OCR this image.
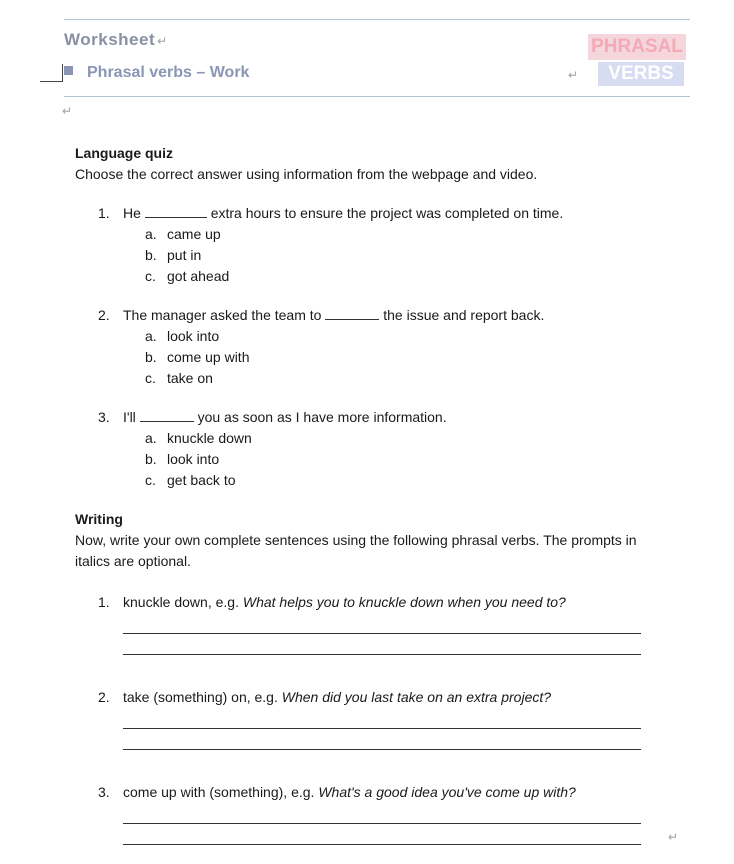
Worksheet ↵
Phrasal verbs – Work	↵
PHRASAL
VERBS
↵
Language quiz
Choose the correct answer using information from the webpage and video.
1. He	extra hours to ensure the project was completed on time.
a. came up
b. put in
c. got ahead
2. The manager asked the team to	the issue and report back.
a. look into
b. come up with
c. take on
3. I'll	you as soon as I have more information.
a. knuckle down
b. look into
c. get back to
Writing
Now, write your own complete sentences using the following phrasal verbs. The prompts in italics are optional.
1. knuckle down, e.g. What helps you to knuckle down when you need to?
2. take (something) on, e.g. When did you last take on an extra project?
3. come up with (something), e.g. What's a good idea you've come up with?
↵
